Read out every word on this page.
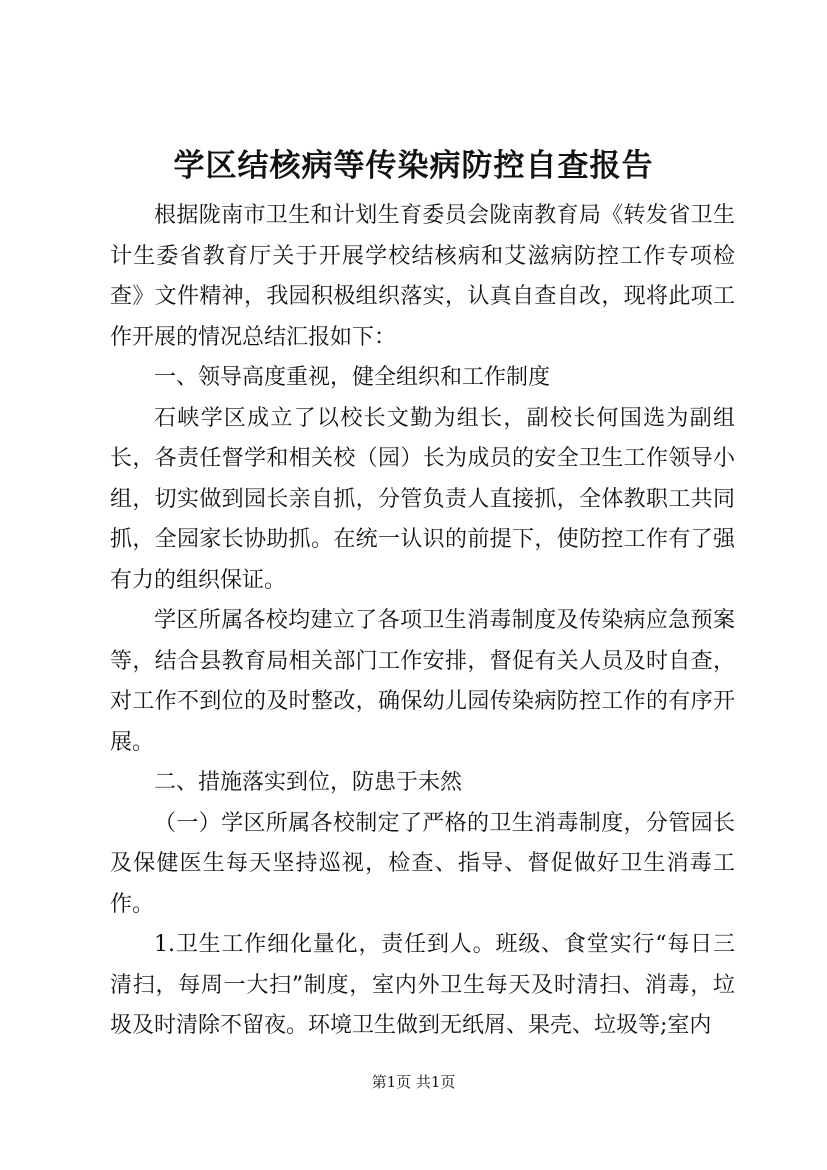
学区结核病等传染病防控自查报告

根据陇南市卫生和计划生育委员会陇南教育局《转发省卫生计生委省教育厅关于开展学校结核病和艾滋病防控工作专项检查》文件精神，我园积极组织落实，认真自查自改，现将此项工作开展的情况总结汇报如下：

一、领导高度重视，健全组织和工作制度

石峡学区成立了以校长文勤为组长，副校长何国选为副组长，各责任督学和相关校（园）长为成员的安全卫生工作领导小组，切实做到园长亲自抓，分管负责人直接抓，全体教职工共同抓，全园家长协助抓。在统一认识的前提下，使防控工作有了强有力的组织保证。

学区所属各校均建立了各项卫生消毒制度及传染病应急预案等，结合县教育局相关部门工作安排，督促有关人员及时自查，对工作不到位的及时整改，确保幼儿园传染病防控工作的有序开展。

二、措施落实到位，防患于未然

（一）学区所属各校制定了严格的卫生消毒制度，分管园长及保健医生每天坚持巡视，检查、指导、督促做好卫生消毒工作。

1.卫生工作细化量化，责任到人。班级、食堂实行“每日三清扫，每周一大扫”制度，室内外卫生每天及时清扫、消毒，垃圾及时清除不留夜。环境卫生做到无纸屑、果壳、垃圾等;室内

第1页 共1页
